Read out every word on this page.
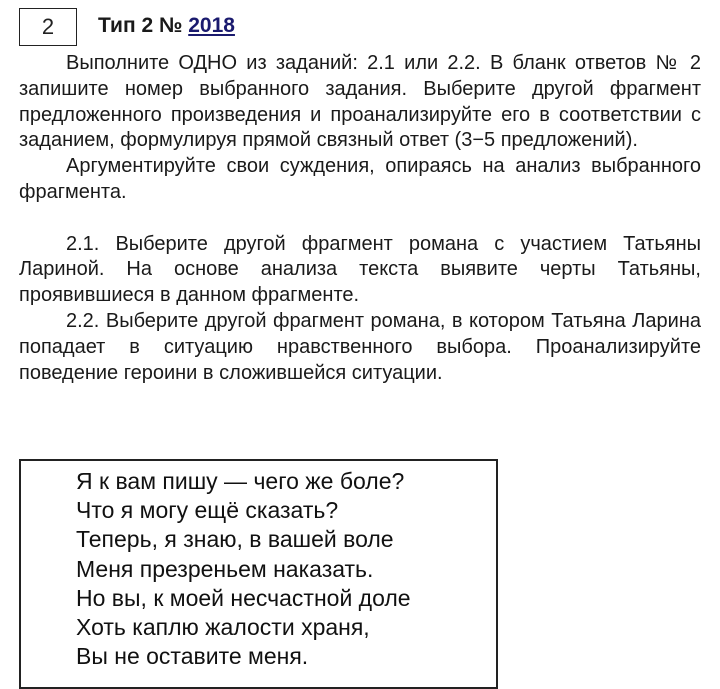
2	Тип 2 № 2018

Выполните ОДНО из заданий: 2.1 или 2.2. В бланк ответов № 2 запишите номер выбранного задания. Выберите другой фрагмент предложенного произведения и проанализируйте его в соответствии с заданием, формулируя прямой связный ответ (3−5 предложений).

Аргументируйте свои суждения, опираясь на анализ выбранного фрагмента.

2.1. Выберите другой фрагмент романа с участием Татьяны Лариной. На основе анализа текста выявите черты Татьяны, проявившиеся в данном фрагменте.

2.2. Выберите другой фрагмент романа, в котором Татьяна Ларина попадает в ситуацию нравственного выбора. Проанализируйте поведение героини в сложившейся ситуации.

Я к вам пишу — чего же боле?
Что я могу ещё сказать?
Теперь, я знаю, в вашей воле
Меня презреньем наказать.
Но вы, к моей несчастной доле
Хоть каплю жалости храня,
Вы не оставите меня.
